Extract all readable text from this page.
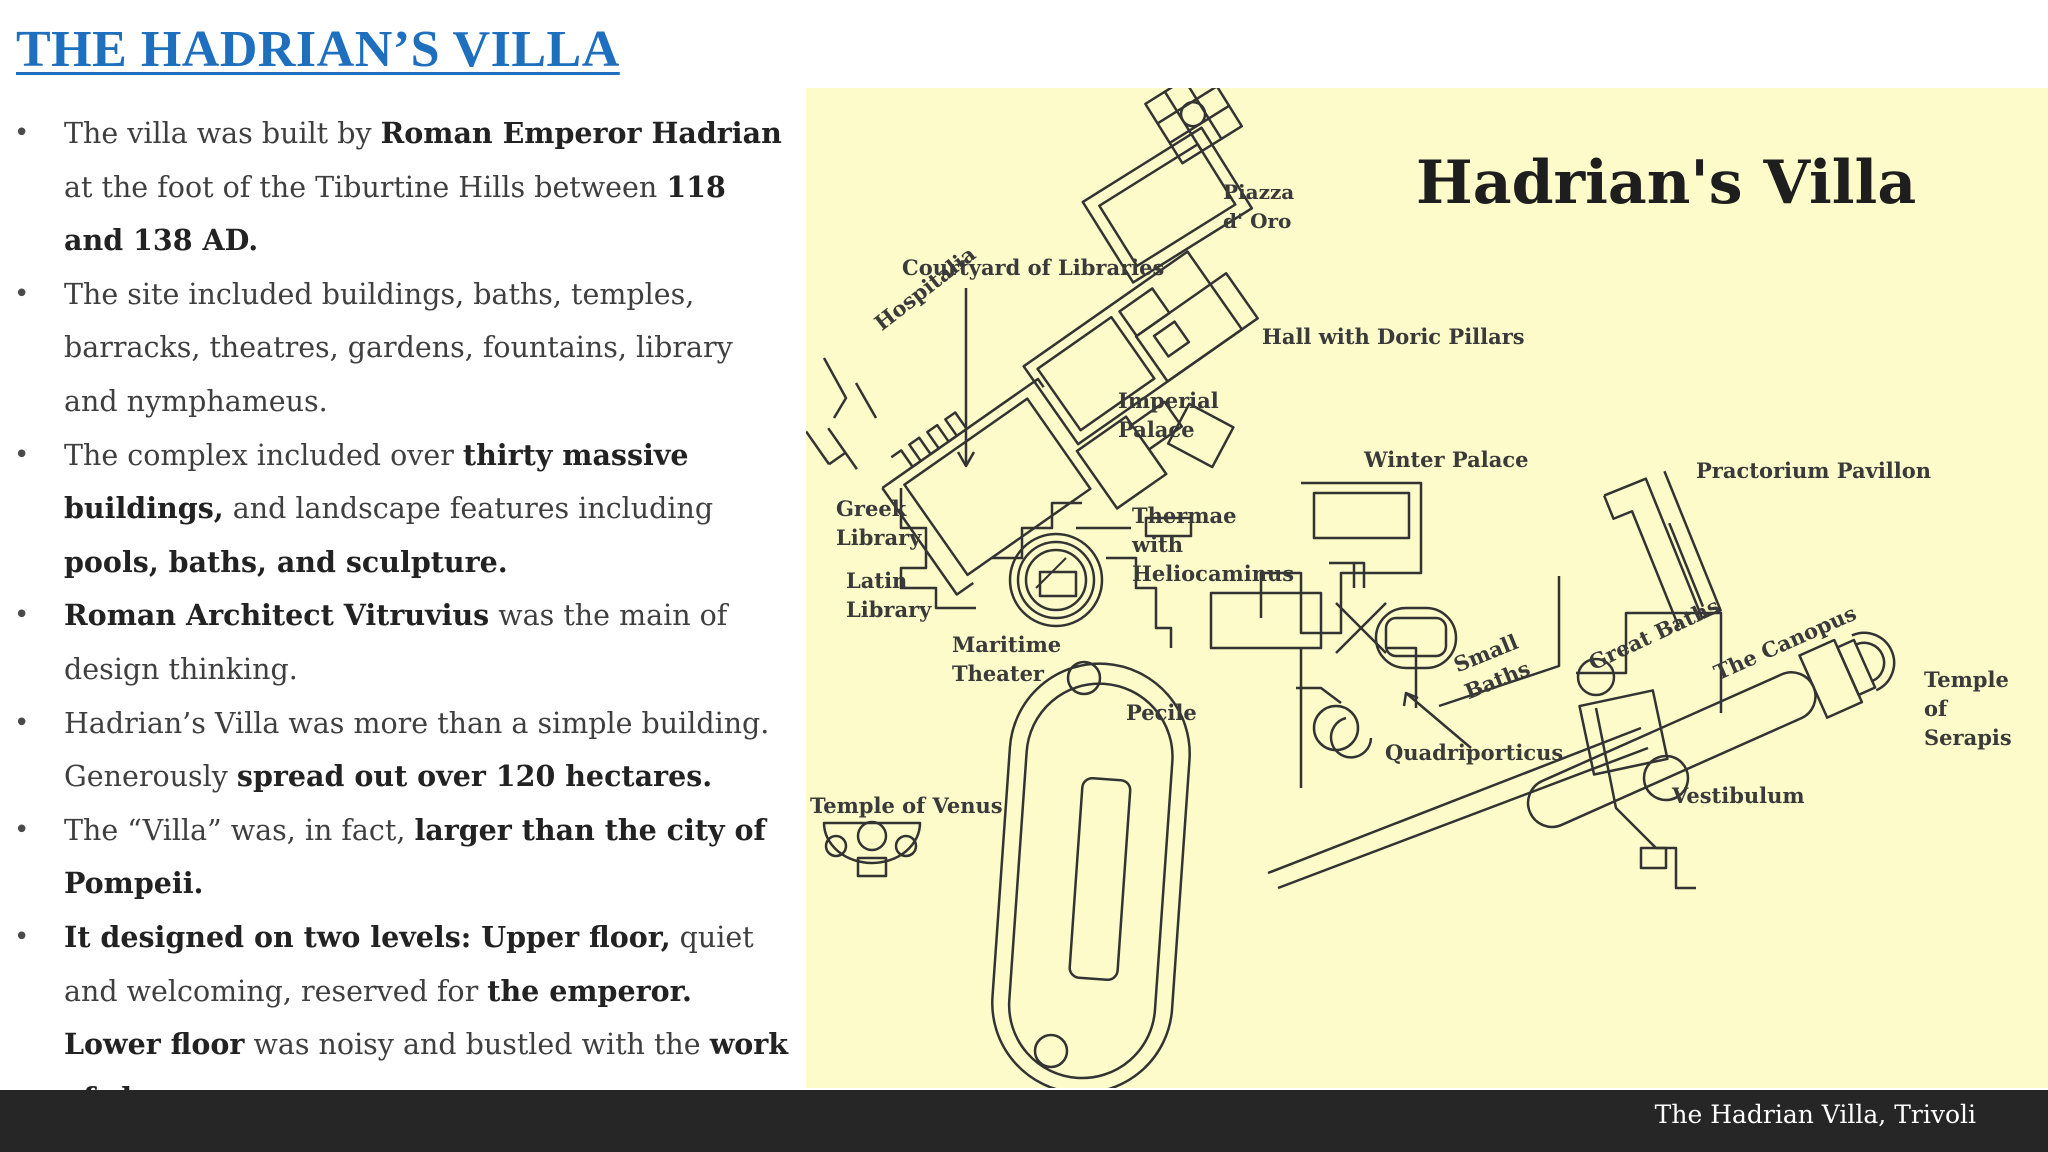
THE HADRIAN’S VILLA
• The villa was built by Roman Emperor Hadrian at the foot of the Tiburtine Hills between 118 and 138 AD.
• The site included buildings, baths, temples, barracks, theatres, gardens, fountains, library and nymphameus.
• The complex included over thirty massive buildings, and landscape features including pools, baths, and sculpture.
• Roman Architect Vitruvius was the main of design thinking.
• Hadrian’s Villa was more than a simple building. Generously spread out over 120 hectares.
• The “Villa” was, in fact, larger than the city of Pompeii.
• It designed on two levels: Upper floor, quiet and welcoming, reserved for the emperor. Lower floor was noisy and bustled with the work
Hadrian's Villa
Piazza
d' Oro
Courtyard of Libraries
Hall with Doric Pillars
Hospitalia
Imperial
Palace
Winter Palace	Practorium Pavillon
Greek
Library
Latin
Library
Thermae
with
Heliocaminus
Maritime
Theater
Pecile
Small
Baths
Great Baths
The Canopus	Temple
of
Serapis
Quadriporticus
Vestibulum
Temple of Venus
The Hadrian Villa, Trivoli
